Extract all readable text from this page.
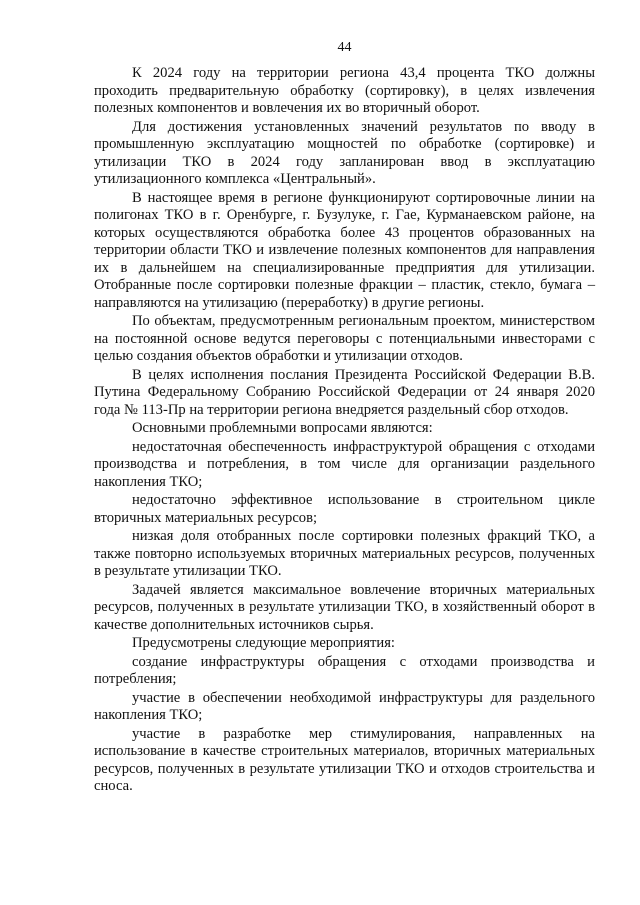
44

К 2024 году на территории региона 43,4 процента ТКО должны проходить предварительную обработку (сортировку), в целях извлечения полезных компонентов и вовлечения их во вторичный оборот.

Для достижения установленных значений результатов по вводу в промышленную эксплуатацию мощностей по обработке (сортировке) и утилизации ТКО в 2024 году запланирован ввод в эксплуатацию утилизационного комплекса «Центральный».

В настоящее время в регионе функционируют сортировочные линии на полигонах ТКО в г. Оренбурге, г. Бузулуке, г. Гае, Курманаевском районе, на которых осуществляются обработка более 43 процентов образованных на территории области ТКО и извлечение полезных компонентов для направления их в дальнейшем на специализированные предприятия для утилизации. Отобранные после сортировки полезные фракции – пластик, стекло, бумага – направляются на утилизацию (переработку) в другие регионы.

По объектам, предусмотренным региональным проектом, министерством на постоянной основе ведутся переговоры с потенциальными инвесторами с целью создания объектов обработки и утилизации отходов.

В целях исполнения послания Президента Российской Федерации В.В. Путина Федеральному Собранию Российской Федерации от 24 января 2020 года № 113-Пр на территории региона внедряется раздельный сбор отходов.

Основными проблемными вопросами являются:

недостаточная обеспеченность инфраструктурой обращения с отходами производства и потребления, в том числе для организации раздельного накопления ТКО;

недостаточно эффективное использование в строительном цикле вторичных материальных ресурсов;

низкая доля отобранных после сортировки полезных фракций ТКО, а также повторно используемых вторичных материальных ресурсов, полученных в результате утилизации ТКО.

Задачей является максимальное вовлечение вторичных материальных ресурсов, полученных в результате утилизации ТКО, в хозяйственный оборот в качестве дополнительных источников сырья.

Предусмотрены следующие мероприятия:

создание инфраструктуры обращения с отходами производства и потребления;

участие в обеспечении необходимой инфраструктуры для раздельного накопления ТКО;

участие в разработке мер стимулирования, направленных на использование в качестве строительных материалов, вторичных материальных ресурсов, полученных в результате утилизации ТКО и отходов строительства и сноса.
